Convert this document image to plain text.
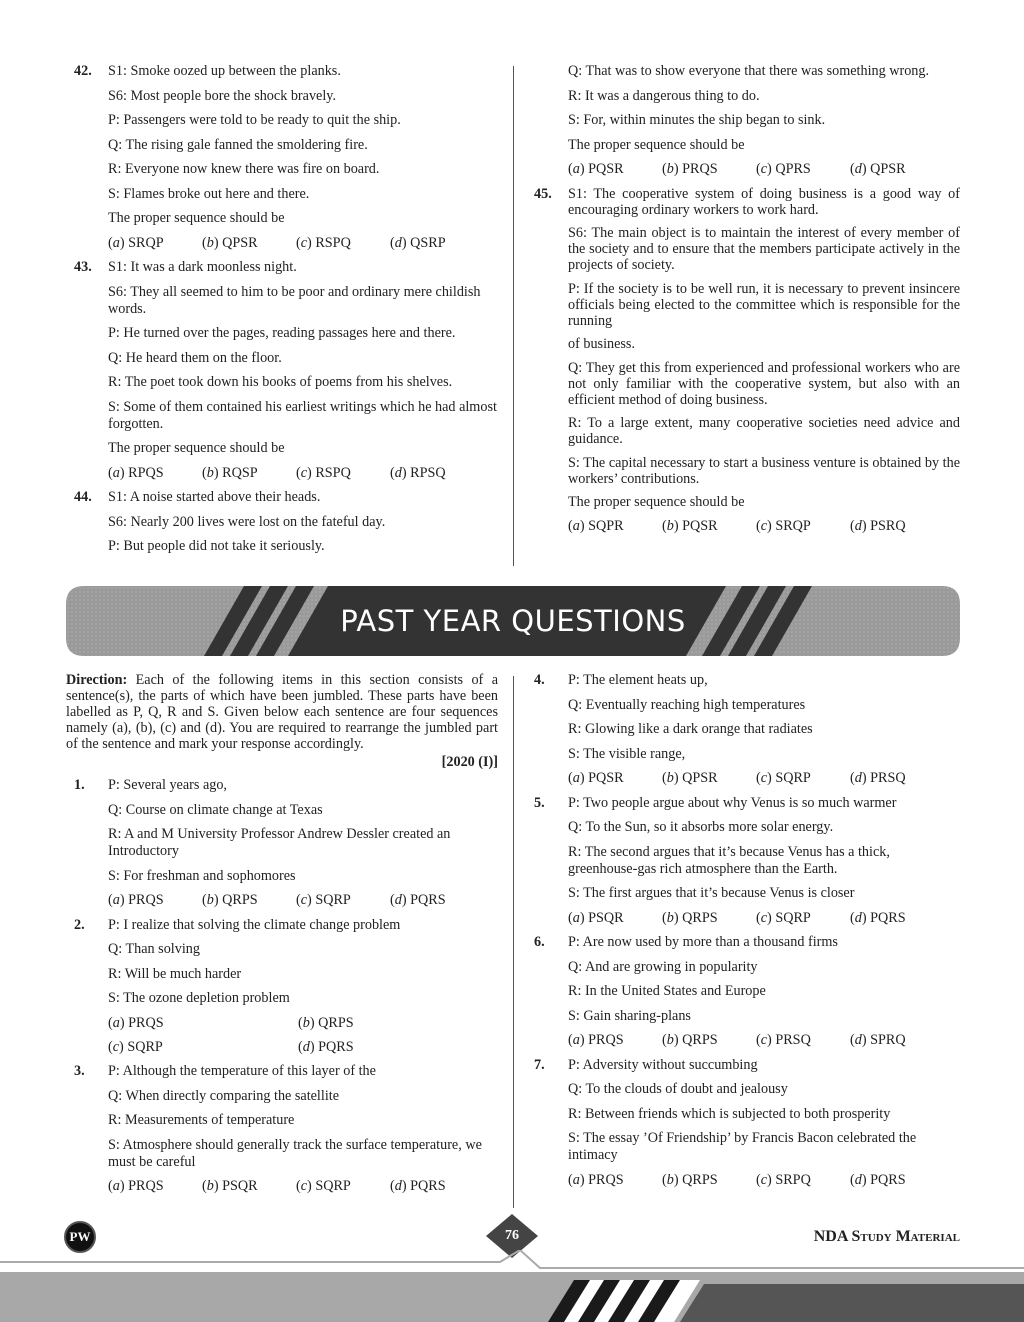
42. S1: Smoke oozed up between the planks.

S6: Most people bore the shock bravely.

P: Passengers were told to be ready to quit the ship.

Q: The rising gale fanned the smoldering fire.

R: Everyone now knew there was fire on board.

S: Flames broke out here and there.

The proper sequence should be

(a) SRQP	(b) QPSR	(c) RSPQ	(d) QSRP
43. S1: It was a dark moonless night.

S6: They all seemed to him to be poor and ordinary mere childish words.

P: He turned over the pages, reading passages here and there.

Q: He heard them on the floor.

R: The poet took down his books of poems from his shelves.

S: Some of them contained his earliest writings which he had almost forgotten.

The proper sequence should be

(a) RPQS	(b) RQSP	(c) RSPQ	(d) RPSQ
44. S1: A noise started above their heads.

S6: Nearly 200 lives were lost on the fateful day.

P: But people did not take it seriously.

Q: That was to show everyone that there was something wrong.

R: It was a dangerous thing to do.

S: For, within minutes the ship began to sink.

The proper sequence should be

(a) PQSR	(b) PRQS	(c) QPRS	(d) QPSR
45. S1: The cooperative system of doing business is a good way of encouraging ordinary workers to work hard.

S6: The main object is to maintain the interest of every member of the society and to ensure that the members participate actively in the projects of society.

P: If the society is to be well run, it is necessary to prevent insincere officials being elected to the committee which is responsible for the running

of business.

Q: They get this from experienced and professional workers who are not only familiar with the cooperative system, but also with an efficient method of doing business.

R: To a large extent, many cooperative societies need advice and guidance.

S: The capital necessary to start a business venture is obtained by the workers’ contributions.

The proper sequence should be

(a) SQPR	(b) PQSR	(c) SRQP	(d) PSRQ
PAST YEAR QUESTIONS

Direction: Each of the following items in this section consists of a sentence(s), the parts of which have been jumbled. These parts have been labelled as P, Q, R and S. Given below each sentence are four sequences namely (a), (b), (c) and (d). You are required to rearrange the jumbled part of the sentence and mark your response accordingly.

[2020 (I)]

1. P: Several years ago,

Q: Course on climate change at Texas

R: A and M University Professor Andrew Dessler created an Introductory

S: For freshman and sophomores

(a) PRQS	(b) QRPS	(c) SQRP	(d) PQRS
2. P: I realize that solving the climate change problem

Q: Than solving

R: Will be much harder

S: The ozone depletion problem

(a) PRQS	(b) QRPS
(c) SQRP	(d) PQRS
3. P: Although the temperature of this layer of the

Q: When directly comparing the satellite

R: Measurements of temperature

S: Atmosphere should generally track the surface temperature, we must be careful

(a) PRQS	(b) PSQR	(c) SQRP	(d) PQRS
4. P: The element heats up,

Q: Eventually reaching high temperatures

R: Glowing like a dark orange that radiates

S: The visible range,

(a) PQSR	(b) QPSR	(c) SQRP	(d) PRSQ
5. P: Two people argue about why Venus is so much warmer

Q: To the Sun, so it absorbs more solar energy.

R: The second argues that it’s because Venus has a thick, greenhouse-gas rich atmosphere than the Earth.

S: The first argues that it’s because Venus is closer

(a) PSQR	(b) QRPS	(c) SQRP	(d) PQRS
6. P: Are now used by more than a thousand firms

Q: And are growing in popularity

R: In the United States and Europe

S: Gain sharing-plans

(a) PRQS	(b) QRPS	(c) PRSQ	(d) SPRQ
7. P: Adversity without succumbing

Q: To the clouds of doubt and jealousy

R: Between friends which is subjected to both prosperity

S: The essay ’Of Friendship’ by Francis Bacon celebrated the intimacy

(a) PRQS	(b) QRPS	(c) SRPQ	(d) PQRS
PW	76	NDA Study Material
